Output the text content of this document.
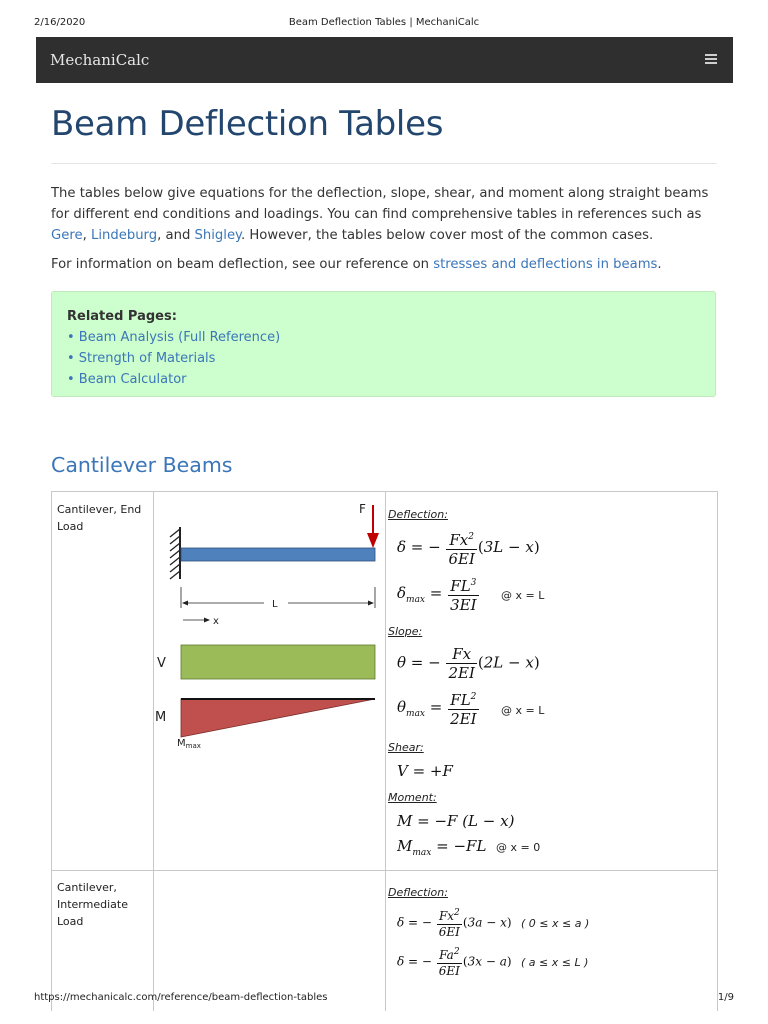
2/16/2020	Beam Deflection Tables | MechaniCalc
MechaniCalc
Beam Deflection Tables

The tables below give equations for the deflection, slope, shear, and moment along straight beams for different end conditions and loadings. You can find comprehensive tables in references such as Gere, Lindeburg, and Shigley. However, the tables below cover most of the common cases.

For information on beam deflection, see our reference on stresses and deflections in beams.

Related Pages:
• Beam Analysis (Full Reference)
• Strength of Materials
• Beam Calculator
Cantilever Beams
Cantilever, End Load
F
L
x
V
M
$M_{max}$
Deflection:
δ = − $\frac{Fx^2}{6EI} (3L - x)$
$\delta_{max} = \frac{FL^3}{3EI}$ @ x = L
Slope:
θ = − $\frac{Fx}{2EI} (2L - x)$
$\theta_{max} = \frac{FL^2}{2EI}$ @ x = L
Shear:
V = +F
Moment:
M = −F (L − x)
$M_{max} = -FL$ @ x = 0
Cantilever, Intermediate Load
Deflection:
δ = − $\frac{Fx^2}{6EI} (3a - x)$ ( 0 ≤ x ≤ a )
δ = − $\frac{Fa^2}{6EI} (3x - a)$ ( a ≤ x ≤ L )
https://mechanicalc.com/reference/beam-deflection-tables	1/9
